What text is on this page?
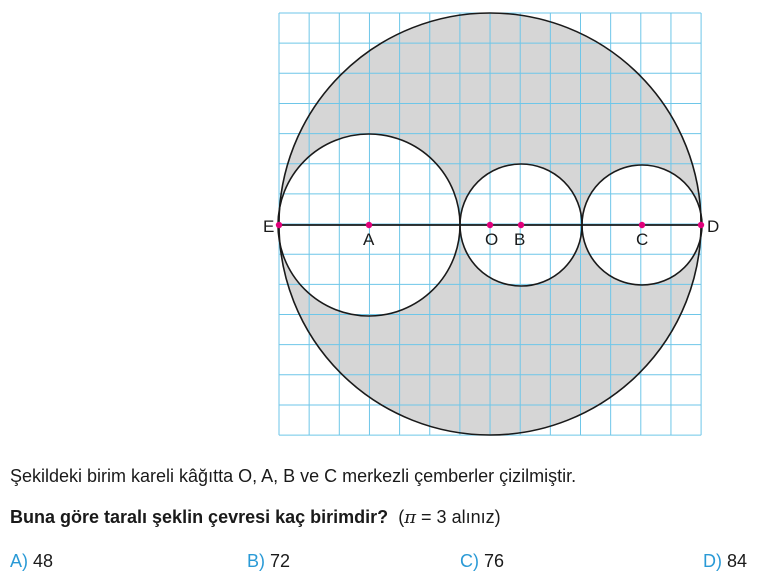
E
A	O B	C
D
Şekildeki birim kareli kâğıtta O, A, B ve C merkezli çemberler çizilmiştir.
Buna göre taralı şeklin çevresi kaç birimdir? (π = 3 alınız)
A) 48	B) 72	C) 76	D) 84
